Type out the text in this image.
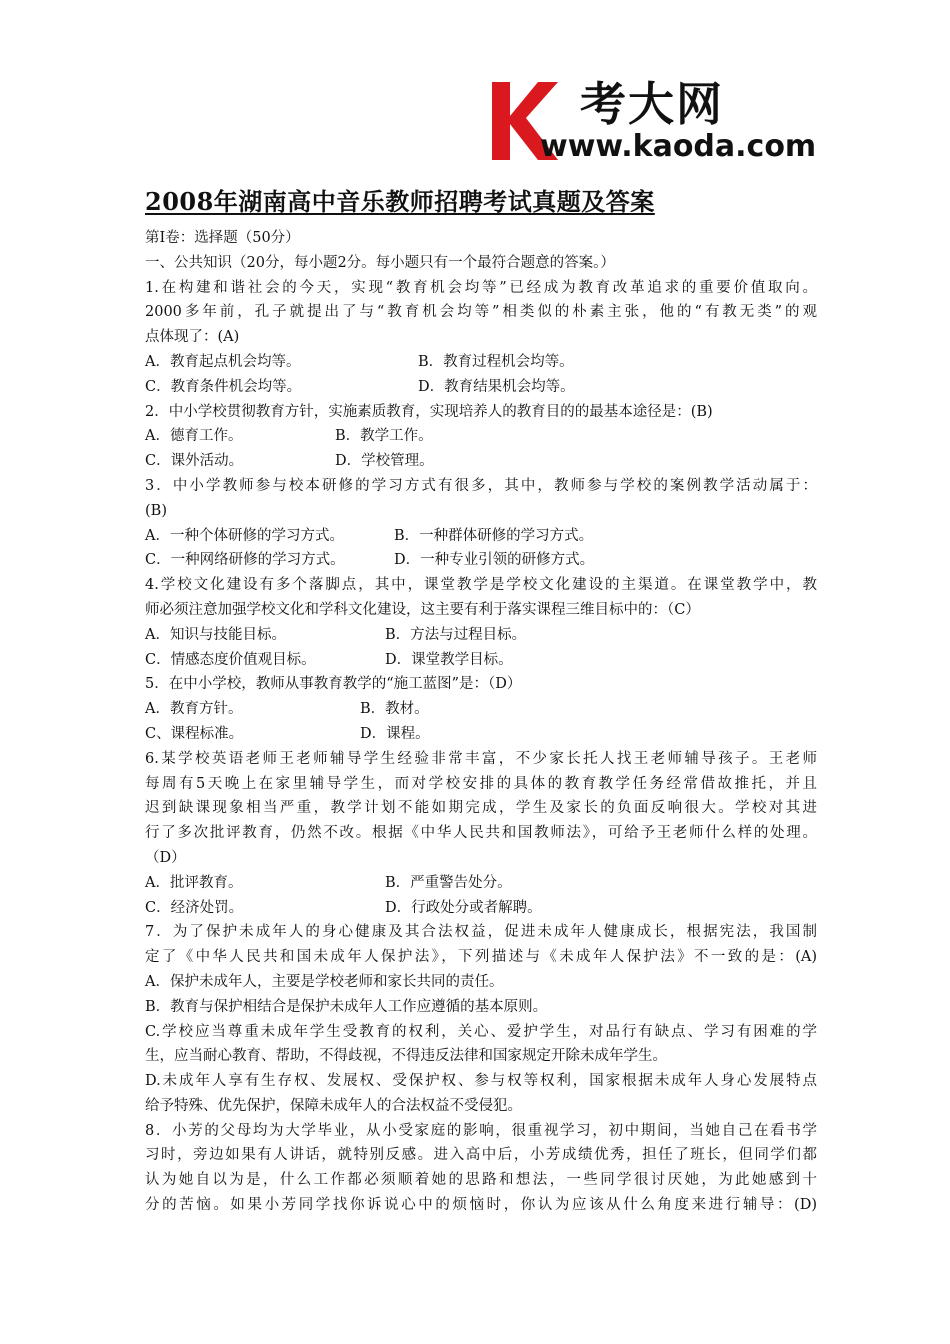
考大网
www.kaoda.com
2008年湖南高中音乐教师招聘考试真题及答案
第Ⅰ卷：选择题（50分）
一、公共知识（20分，每小题2分。每小题只有一个最符合题意的答案。）
1.在构建和谐社会的今天，实现“教育机会均等”已经成为教育改革追求的重要价值取向。
2000多年前，孔子就提出了与“教育机会均等”相类似的朴素主张，他的“有教无类”的观
点体现了：(A)
A．教育起点机会均等。	B．教育过程机会均等。
C．教育条件机会均等。	D．教育结果机会均等。
2．中小学校贯彻教育方针，实施素质教育，实现培养人的教育目的的最基本途径是：(B)
A．德育工作。	B．教学工作。
C．课外活动。	D．学校管理。
3．中小学教师参与校本研修的学习方式有很多，其中，教师参与学校的案例教学活动属于：
(B)
A．一种个体研修的学习方式。	B．一种群体研修的学习方式。
C．一种网络研修的学习方式。	D．一种专业引领的研修方式。
4.学校文化建设有多个落脚点，其中，课堂教学是学校文化建设的主渠道。在课堂教学中，教
师必须注意加强学校文化和学科文化建设，这主要有利于落实课程三维目标中的：（C）
A．知识与技能目标。	B．方法与过程目标。
C．情感态度价值观目标。	D．课堂教学目标。
5．在中小学校，教师从事教育教学的“施工蓝图”是：（D）
A．教育方针。	B．教材。
C、课程标准。	D．课程。
6.某学校英语老师王老师辅导学生经验非常丰富，不少家长托人找王老师辅导孩子。王老师
每周有5天晚上在家里辅导学生，而对学校安排的具体的教育教学任务经常借故推托，并且
迟到缺课现象相当严重，教学计划不能如期完成，学生及家长的负面反响很大。学校对其进
行了多次批评教育，仍然不改。根据《中华人民共和国教师法》，可给予王老师什么样的处理。
（D）
A．批评教育。	B．严重警告处分。
C．经济处罚。	D．行政处分或者解聘。
7．为了保护未成年人的身心健康及其合法权益，促进未成年人健康成长，根据宪法，我国制
定了《中华人民共和国未成年人保护法》，下列描述与《未成年人保护法》不一致的是：(A)
A．保护未成年人，主要是学校老师和家长共同的责任。
B．教育与保护相结合是保护未成年人工作应遵循的基本原则。
C.学校应当尊重未成年学生受教育的权利，关心、爱护学生，对品行有缺点、学习有困难的学
生，应当耐心教育、帮助，不得歧视，不得违反法律和国家规定开除未成年学生。
D.未成年人享有生存权、发展权、受保护权、参与权等权利，国家根据未成年人身心发展特点
给予特殊、优先保护，保障未成年人的合法权益不受侵犯。
8．小芳的父母均为大学毕业，从小受家庭的影响，很重视学习，初中期间，当她自己在看书学
习时，旁边如果有人讲话，就特别反感。进入高中后，小芳成绩优秀，担任了班长，但同学们都
认为她自以为是，什么工作都必须顺着她的思路和想法，一些同学很讨厌她，为此她感到十
分的苦恼。如果小芳同学找你诉说心中的烦恼时，你认为应该从什么角度来进行辅导：(D)
